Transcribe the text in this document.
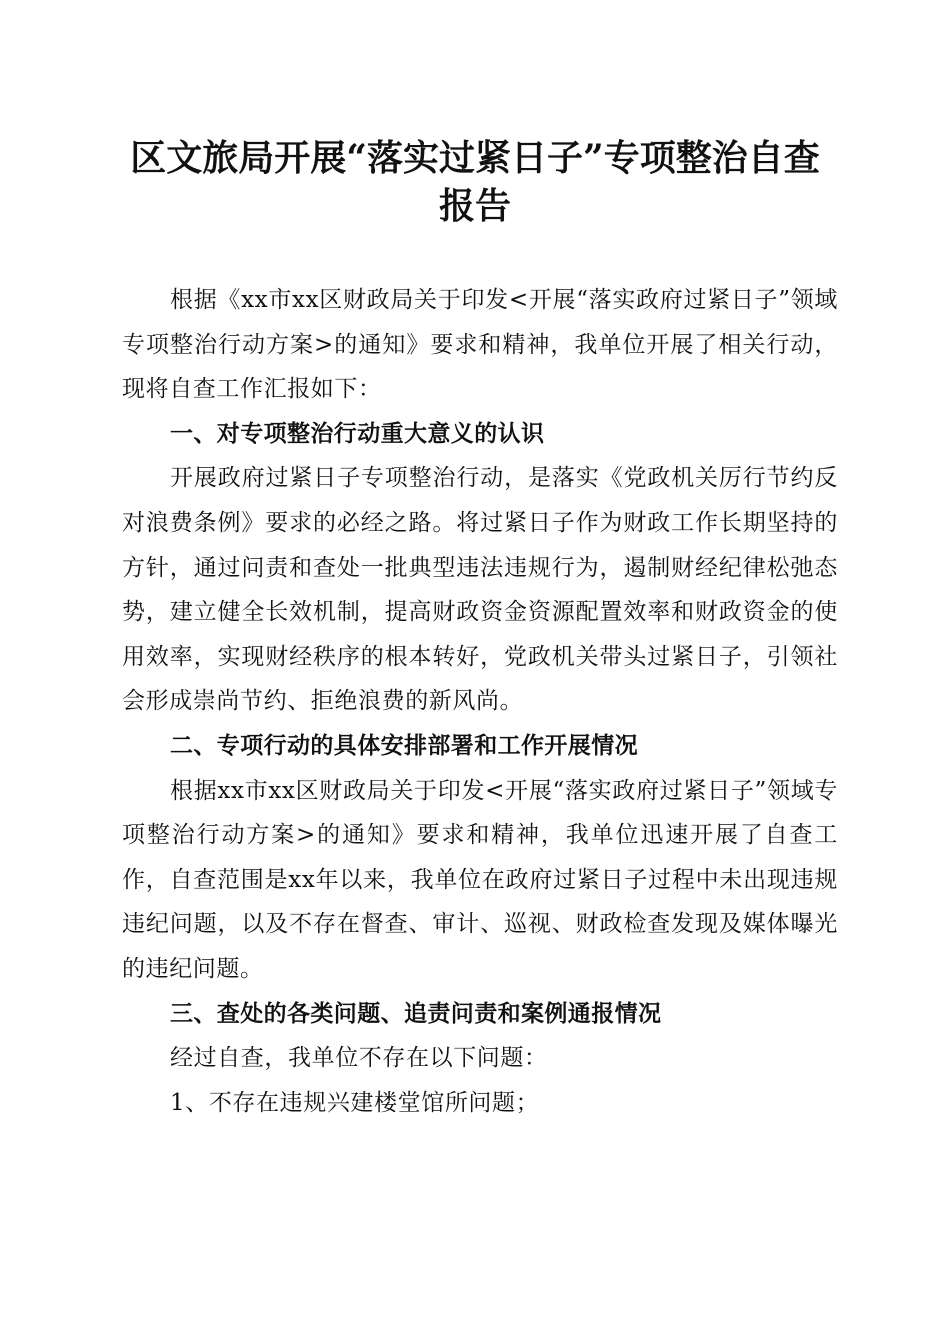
区文旅局开展“落实过紧日子”专项整治自查
报告

根据《xx市xx区财政局关于印发<开展“落实政府过紧日子”领域专项整治行动方案>的通知》要求和精神，我单位开展了相关行动，现将自查工作汇报如下：

一、对专项整治行动重大意义的认识

开展政府过紧日子专项整治行动，是落实《党政机关厉行节约反对浪费条例》要求的必经之路。将过紧日子作为财政工作长期坚持的方针，通过问责和查处一批典型违法违规行为，遏制财经纪律松弛态势，建立健全长效机制，提高财政资金资源配置效率和财政资金的使用效率，实现财经秩序的根本转好，党政机关带头过紧日子，引领社会形成崇尚节约、拒绝浪费的新风尚。

二、专项行动的具体安排部署和工作开展情况

根据xx市xx区财政局关于印发<开展“落实政府过紧日子”领域专项整治行动方案>的通知》要求和精神，我单位迅速开展了自查工作，自查范围是xx年以来，我单位在政府过紧日子过程中未出现违规违纪问题，以及不存在督查、审计、巡视、财政检查发现及媒体曝光的违纪问题。

三、查处的各类问题、追责问责和案例通报情况

经过自查，我单位不存在以下问题：

1、不存在违规兴建楼堂馆所问题；
